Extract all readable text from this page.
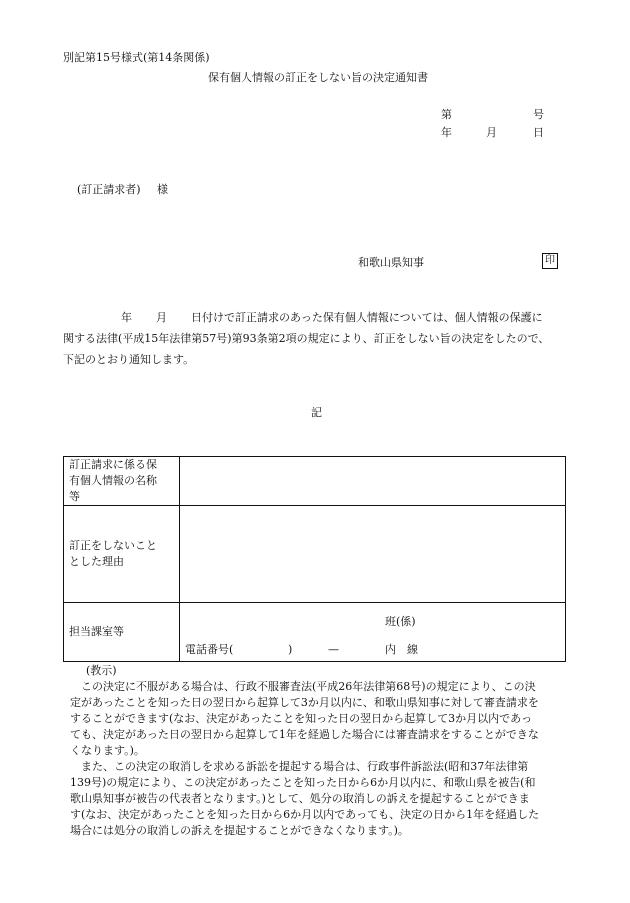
別記第15号様式(第14条関係)
保有個人情報の訂正をしない旨の決定通知書
第	号
年	月	日
(訂正請求者) 様
和歌山県知事	印
年 月 日付けで訂正請求のあった保有個人情報については、個人情報の保護に
関する法律(平成15年法律第57号)第93条第2項の規定により、訂正をしない旨の決定をしたので、
下記のとおり通知します。
記
訂正請求に係る保
有個人情報の名称
等	

訂正をしないこと
とした理由	

担当課室等	班(係)
電話番号( ) — 内　線
(教示)
　この決定に不服がある場合は、行政不服審査法(平成26年法律第68号)の規定により、この決
定があったことを知った日の翌日から起算して3か月以内に、和歌山県知事に対して審査請求を
することができます(なお、決定があったことを知った日の翌日から起算して3か月以内であっ
ても、決定があった日の翌日から起算して1年を経過した場合には審査請求をすることができな
くなります。)。
　また、この決定の取消しを求める訴訟を提起する場合は、行政事件訴訟法(昭和37年法律第
139号)の規定により、この決定があったことを知った日から6か月以内に、和歌山県を被告(和
歌山県知事が被告の代表者となります。)として、処分の取消しの訴えを提起することができま
す(なお、決定があったことを知った日から6か月以内であっても、決定の日から1年を経過した
場合には処分の取消しの訴えを提起することができなくなります。)。
